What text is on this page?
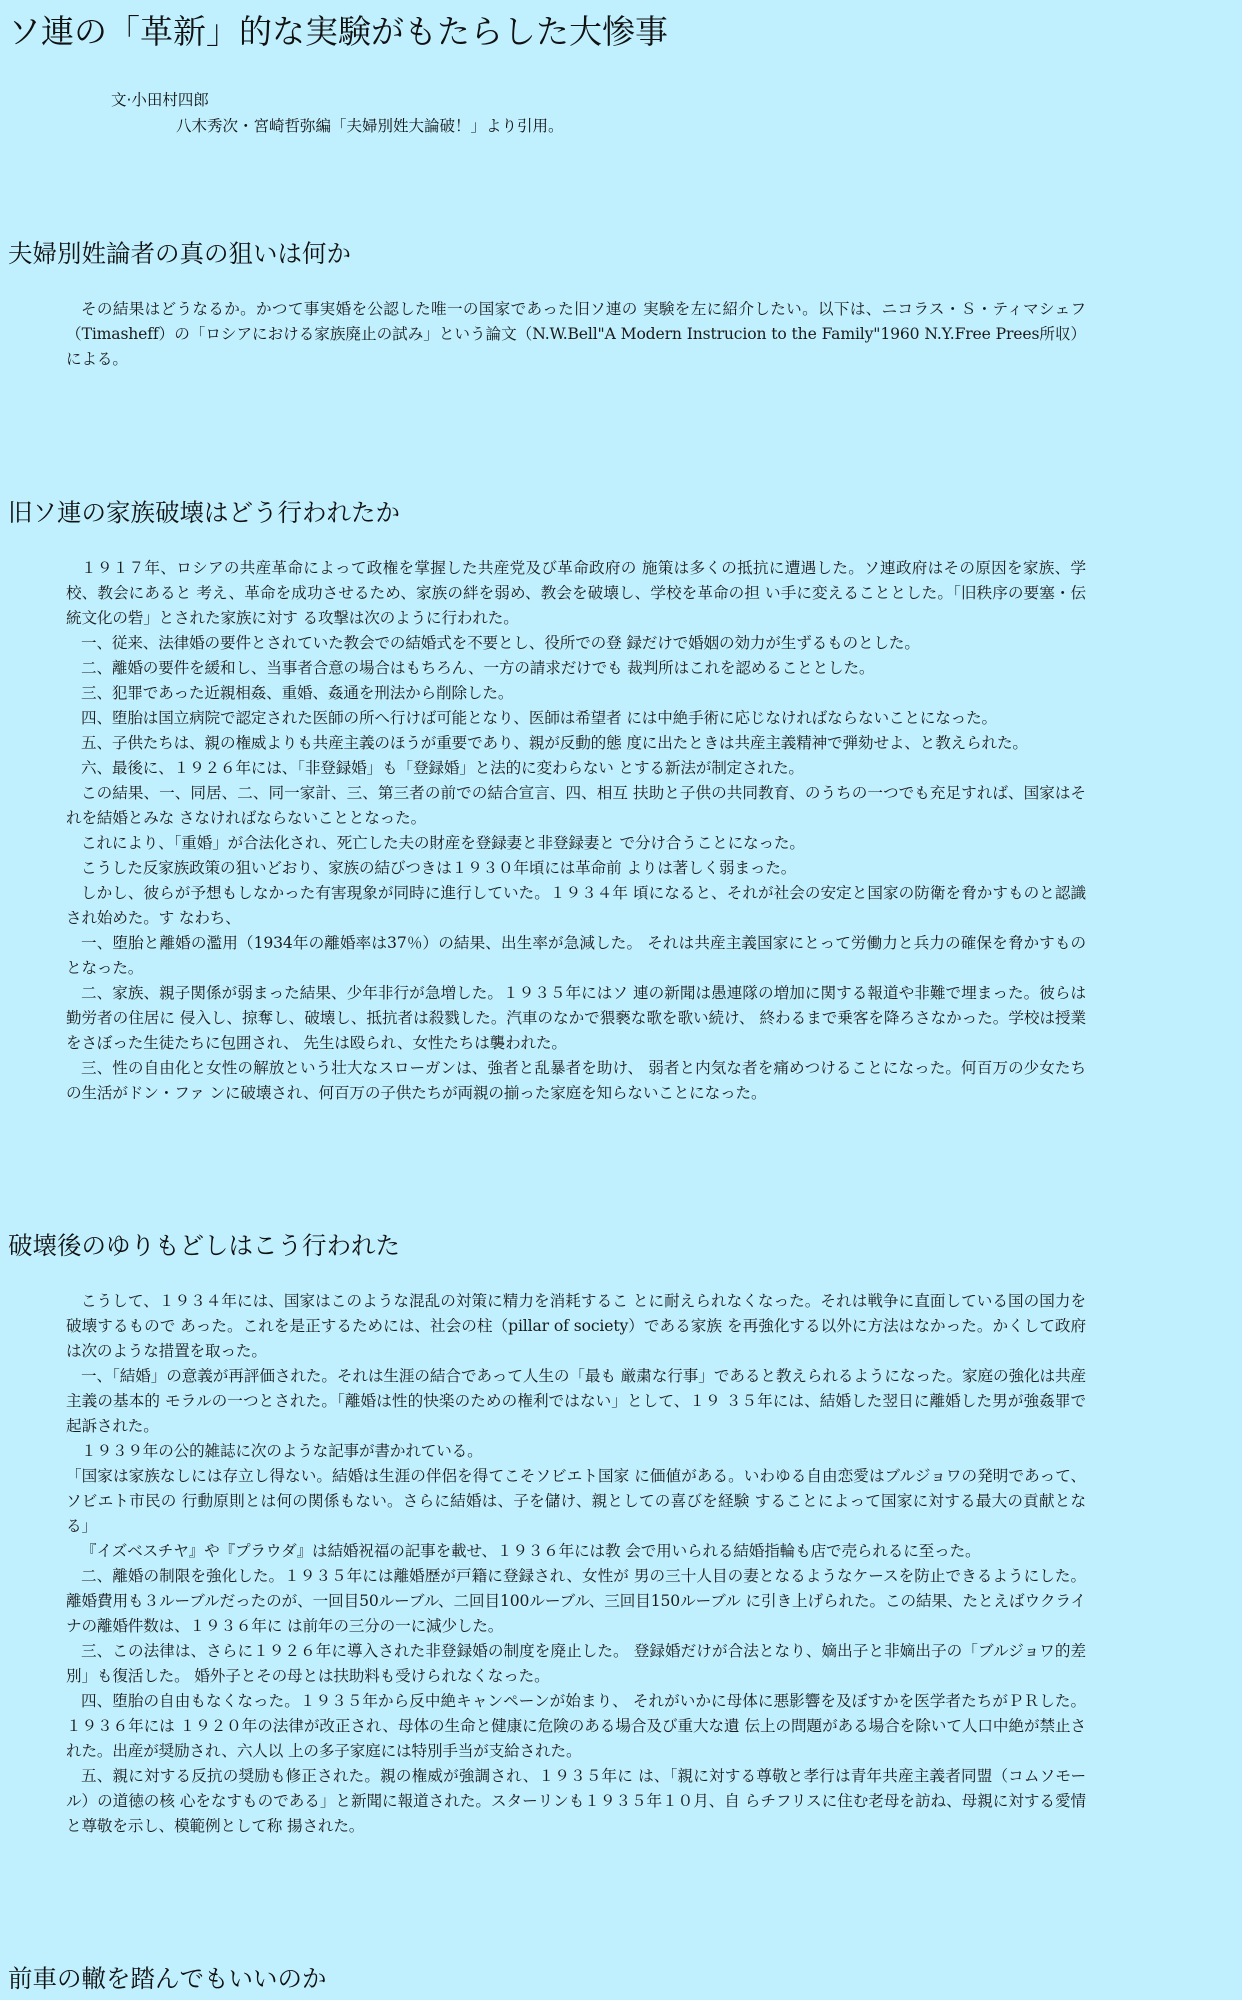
ソ連の「革新」的な実験がもたらした大惨事
文·小田村四郎
八木秀次・宮崎哲弥編「夫婦別姓大論破！」より引用。
夫婦別姓論者の真の狙いは何か

その結果はどうなるか。かつて事実婚を公認した唯一の国家であった旧ソ連の 実験を左に紹介したい。以下は、ニコラス・Ｓ・ティマシェフ（Timasheff）の「ロシアにおける家族廃止の試み」という論文（N.W.Bell"A Modern Instrucion to the Family"1960 N.Y.Free Prees所収）による。

旧ソ連の家族破壊はどう行われたか

１９１７年、ロシアの共産革命によって政権を掌握した共産党及び革命政府の 施策は多くの抵抗に遭遇した。ソ連政府はその原因を家族、学校、教会にあると 考え、革命を成功させるため、家族の絆を弱め、教会を破壊し、学校を革命の担 い手に変えることとした。「旧秩序の要塞・伝統文化の砦」とされた家族に対す る攻撃は次のように行われた。

一、従来、法律婚の要件とされていた教会での結婚式を不要とし、役所での登 録だけで婚姻の効力が生ずるものとした。

二、離婚の要件を緩和し、当事者合意の場合はもちろん、一方の請求だけでも 裁判所はこれを認めることとした。

三、犯罪であった近親相姦、重婚、姦通を刑法から削除した。

四、堕胎は国立病院で認定された医師の所へ行けば可能となり、医師は希望者 には中絶手術に応じなければならないことになった。

五、子供たちは、親の権威よりも共産主義のほうが重要であり、親が反動的態 度に出たときは共産主義精神で弾劾せよ、と教えられた。

六、最後に、１９２６年には、「非登録婚」も「登録婚」と法的に変わらない とする新法が制定された。

この結果、一、同居、二、同一家計、三、第三者の前での結合宣言、四、相互 扶助と子供の共同教育、のうちの一つでも充足すれば、国家はそれを結婚とみな さなければならないこととなった。

これにより、「重婚」が合法化され、死亡した夫の財産を登録妻と非登録妻と で分け合うことになった。

こうした反家族政策の狙いどおり、家族の結びつきは１９３０年頃には革命前 よりは著しく弱まった。

しかし、彼らが予想もしなかった有害現象が同時に進行していた。１９３４年 頃になると、それが社会の安定と国家の防衛を脅かすものと認識され始めた。す なわち、

一、堕胎と離婚の濫用（1934年の離婚率は37％）の結果、出生率が急減した。 それは共産主義国家にとって労働力と兵力の確保を脅かすものとなった。

二、家族、親子関係が弱まった結果、少年非行が急増した。１９３５年にはソ 連の新聞は愚連隊の増加に関する報道や非難で埋まった。彼らは勤労者の住居に 侵入し、掠奪し、破壊し、抵抗者は殺戮した。汽車のなかで猥褻な歌を歌い続け、 終わるまで乗客を降ろさなかった。学校は授業をさぼった生徒たちに包囲され、 先生は殴られ、女性たちは襲われた。

三、性の自由化と女性の解放という壮大なスローガンは、強者と乱暴者を助け、 弱者と内気な者を痛めつけることになった。何百万の少女たちの生活がドン・ファ ンに破壊され、何百万の子供たちが両親の揃った家庭を知らないことになった。

破壊後のゆりもどしはこう行われた

こうして、１９３４年には、国家はこのような混乱の対策に精力を消耗するこ とに耐えられなくなった。それは戦争に直面している国の国力を破壊するもので あった。これを是正するためには、社会の柱（pillar of society）である家族 を再強化する以外に方法はなかった。かくして政府は次のような措置を取った。

一、「結婚」の意義が再評価された。それは生涯の結合であって人生の「最も 厳粛な行事」であると教えられるようになった。家庭の強化は共産主義の基本的 モラルの一つとされた。「離婚は性的快楽のための権利ではない」として、１９ ３５年には、結婚した翌日に離婚した男が強姦罪で起訴された。

１９３９年の公的雑誌に次のような記事が書かれている。

「国家は家族なしには存立し得ない。結婚は生涯の伴侶を得てこそソビエト国家 に価値がある。いわゆる自由恋愛はブルジョワの発明であって、ソビエト市民の 行動原則とは何の関係もない。さらに結婚は、子を儲け、親としての喜びを経験 することによって国家に対する最大の貢献となる」

『イズベスチヤ』や『プラウダ』は結婚祝福の記事を載せ、１９３６年には教 会で用いられる結婚指輪も店で売られるに至った。

二、離婚の制限を強化した。１９３５年には離婚歴が戸籍に登録され、女性が 男の三十人目の妻となるようなケースを防止できるようにした。離婚費用も３ルーブルだったのが、一回目50ルーブル、二回目100ルーブル、三回目150ルーブル に引き上げられた。この結果、たとえばウクライナの離婚件数は、１９３６年に は前年の三分の一に減少した。

三、この法律は、さらに１９２６年に導入された非登録婚の制度を廃止した。 登録婚だけが合法となり、嫡出子と非嫡出子の「ブルジョワ的差別」も復活した。 婚外子とその母とは扶助料も受けられなくなった。

四、堕胎の自由もなくなった。１９３５年から反中絶キャンペーンが始まり、 それがいかに母体に悪影響を及ぼすかを医学者たちがＰＲした。１９３６年には １９２０年の法律が改正され、母体の生命と健康に危険のある場合及び重大な遺 伝上の問題がある場合を除いて人口中絶が禁止された。出産が奨励され、六人以 上の多子家庭には特別手当が支給された。

五、親に対する反抗の奨励も修正された。親の権威が強調され、１９３５年に は、「親に対する尊敬と孝行は青年共産主義者同盟（コムソモール）の道徳の核 心をなすものである」と新聞に報道された。スターリンも１９３５年１０月、自 らチフリスに住む老母を訪ね、母親に対する愛情と尊敬を示し、模範例として称 揚された。

前車の轍を踏んでもいいのか
